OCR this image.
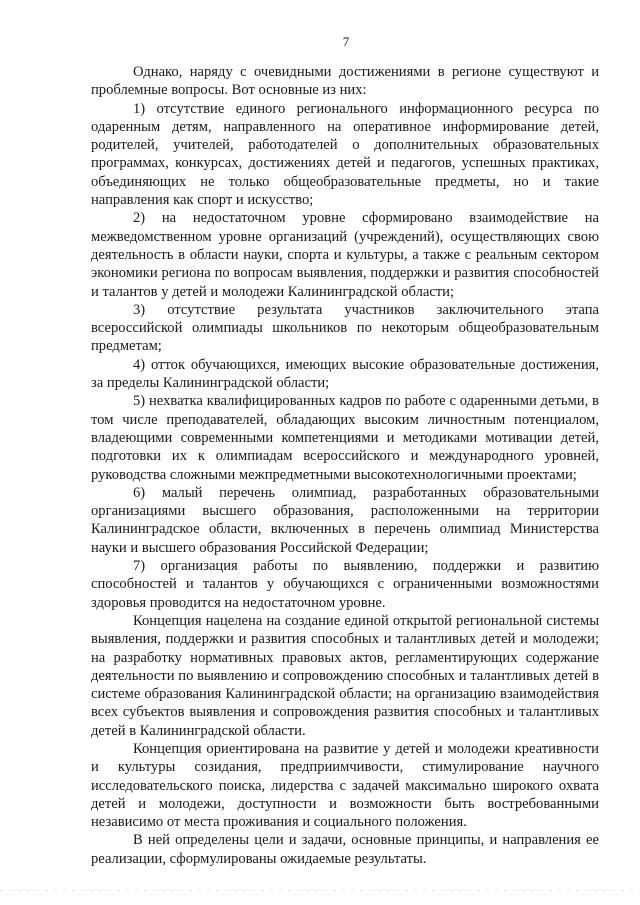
7

Однако, наряду с очевидными достижениями в регионе существуют и проблемные вопросы. Вот основные из них:

1) отсутствие единого регионального информационного ресурса по одаренным детям, направленного на оперативное информирование детей, родителей, учителей, работодателей о дополнительных образовательных программах, конкурсах, достижениях детей и педагогов, успешных практиках, объединяющих не только общеобразовательные предметы, но и такие направления как спорт и искусство;

2) на недостаточном уровне сформировано взаимодействие на межведомственном уровне организаций (учреждений), осуществляющих свою деятельность в области науки, спорта и культуры, а также с реальным сектором экономики региона по вопросам выявления, поддержки и развития способностей и талантов у детей и молодежи Калининградской области;

3) отсутствие результата участников заключительного этапа всероссийской олимпиады школьников по некоторым общеобразовательным предметам;

4) отток обучающихся, имеющих высокие образовательные достижения, за пределы Калининградской области;

5) нехватка квалифицированных кадров по работе с одаренными детьми, в том числе преподавателей, обладающих высоким личностным потенциалом, владеющими современными компетенциями и методиками мотивации детей, подготовки их к олимпиадам всероссийского и международного уровней, руководства сложными межпредметными высокотехнологичными проектами;

6) малый перечень олимпиад, разработанных образовательными организациями высшего образования, расположенными на территории Калининградское области, включенных в перечень олимпиад Министерства науки и высшего образования Российской Федерации;

7) организация работы по выявлению, поддержки и развитию способностей и талантов у обучающихся с ограниченными возможностями здоровья проводится на недостаточном уровне.

Концепция нацелена на создание единой открытой региональной системы выявления, поддержки и развития способных и талантливых детей и молодежи; на разработку нормативных правовых актов, регламентирующих содержание деятельности по выявлению и сопровождению способных и талантливых детей в системе образования Калининградской области; на организацию взаимодействия всех субъектов выявления и сопровождения развития способных и талантливых детей в Калининградской области.

Концепция ориентирована на развитие у детей и молодежи креативности и культуры созидания, предприимчивости, стимулирование научного исследовательского поиска, лидерства с задачей максимально широкого охвата детей и молодежи, доступности и возможности быть востребованными независимо от места проживания и социального положения.

В ней определены цели и задачи, основные принципы, и направления ее реализации, сформулированы ожидаемые результаты.
